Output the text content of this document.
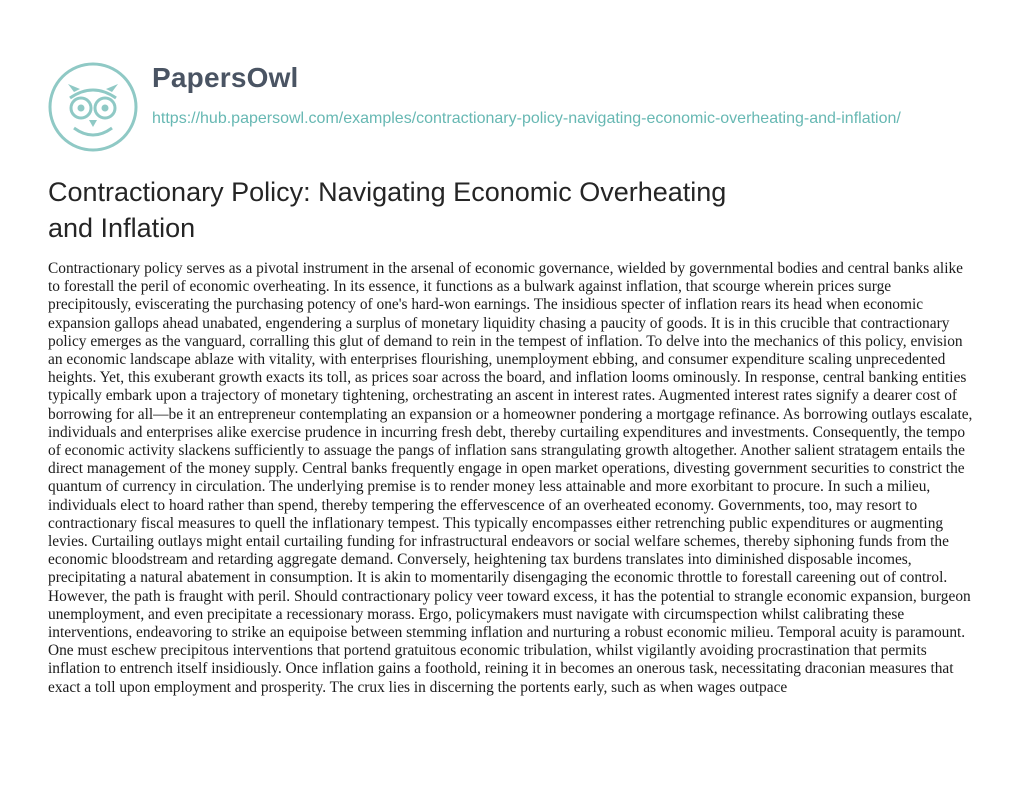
PapersOwl
https://hub.papersowl.com/examples/contractionary-policy-navigating-economic-overheating-and-inflation/
Contractionary Policy: Navigating Economic Overheating and Inflation

Contractionary policy serves as a pivotal instrument in the arsenal of economic governance, wielded by governmental bodies and central banks alike to forestall the peril of economic overheating. In its essence, it functions as a bulwark against inflation, that scourge wherein prices surge precipitously, eviscerating the purchasing potency of one's hard-won earnings. The insidious specter of inflation rears its head when economic expansion gallops ahead unabated, engendering a surplus of monetary liquidity chasing a paucity of goods. It is in this crucible that contractionary policy emerges as the vanguard, corralling this glut of demand to rein in the tempest of inflation. To delve into the mechanics of this policy, envision an economic landscape ablaze with vitality, with enterprises flourishing, unemployment ebbing, and consumer expenditure scaling unprecedented heights. Yet, this exuberant growth exacts its toll, as prices soar across the board, and inflation looms ominously. In response, central banking entities typically embark upon a trajectory of monetary tightening, orchestrating an ascent in interest rates. Augmented interest rates signify a dearer cost of borrowing for all—be it an entrepreneur contemplating an expansion or a homeowner pondering a mortgage refinance. As borrowing outlays escalate, individuals and enterprises alike exercise prudence in incurring fresh debt, thereby curtailing expenditures and investments. Consequently, the tempo of economic activity slackens sufficiently to assuage the pangs of inflation sans strangulating growth altogether. Another salient stratagem entails the direct management of the money supply. Central banks frequently engage in open market operations, divesting government securities to constrict the quantum of currency in circulation. The underlying premise is to render money less attainable and more exorbitant to procure. In such a milieu, individuals elect to hoard rather than spend, thereby tempering the effervescence of an overheated economy. Governments, too, may resort to contractionary fiscal measures to quell the inflationary tempest. This typically encompasses either retrenching public expenditures or augmenting levies. Curtailing outlays might entail curtailing funding for infrastructural endeavors or social welfare schemes, thereby siphoning funds from the economic bloodstream and retarding aggregate demand. Conversely, heightening tax burdens translates into diminished disposable incomes, precipitating a natural abatement in consumption. It is akin to momentarily disengaging the economic throttle to forestall careening out of control. However, the path is fraught with peril. Should contractionary policy veer toward excess, it has the potential to strangle economic expansion, burgeon unemployment, and even precipitate a recessionary morass. Ergo, policymakers must navigate with circumspection whilst calibrating these interventions, endeavoring to strike an equipoise between stemming inflation and nurturing a robust economic milieu. Temporal acuity is paramount. One must eschew precipitous interventions that portend gratuitous economic tribulation, whilst vigilantly avoiding procrastination that permits inflation to entrench itself insidiously. Once inflation gains a foothold, reining it in becomes an onerous task, necessitating draconian measures that exact a toll upon employment and prosperity. The crux lies in discerning the portents early, such as when wages outpace
